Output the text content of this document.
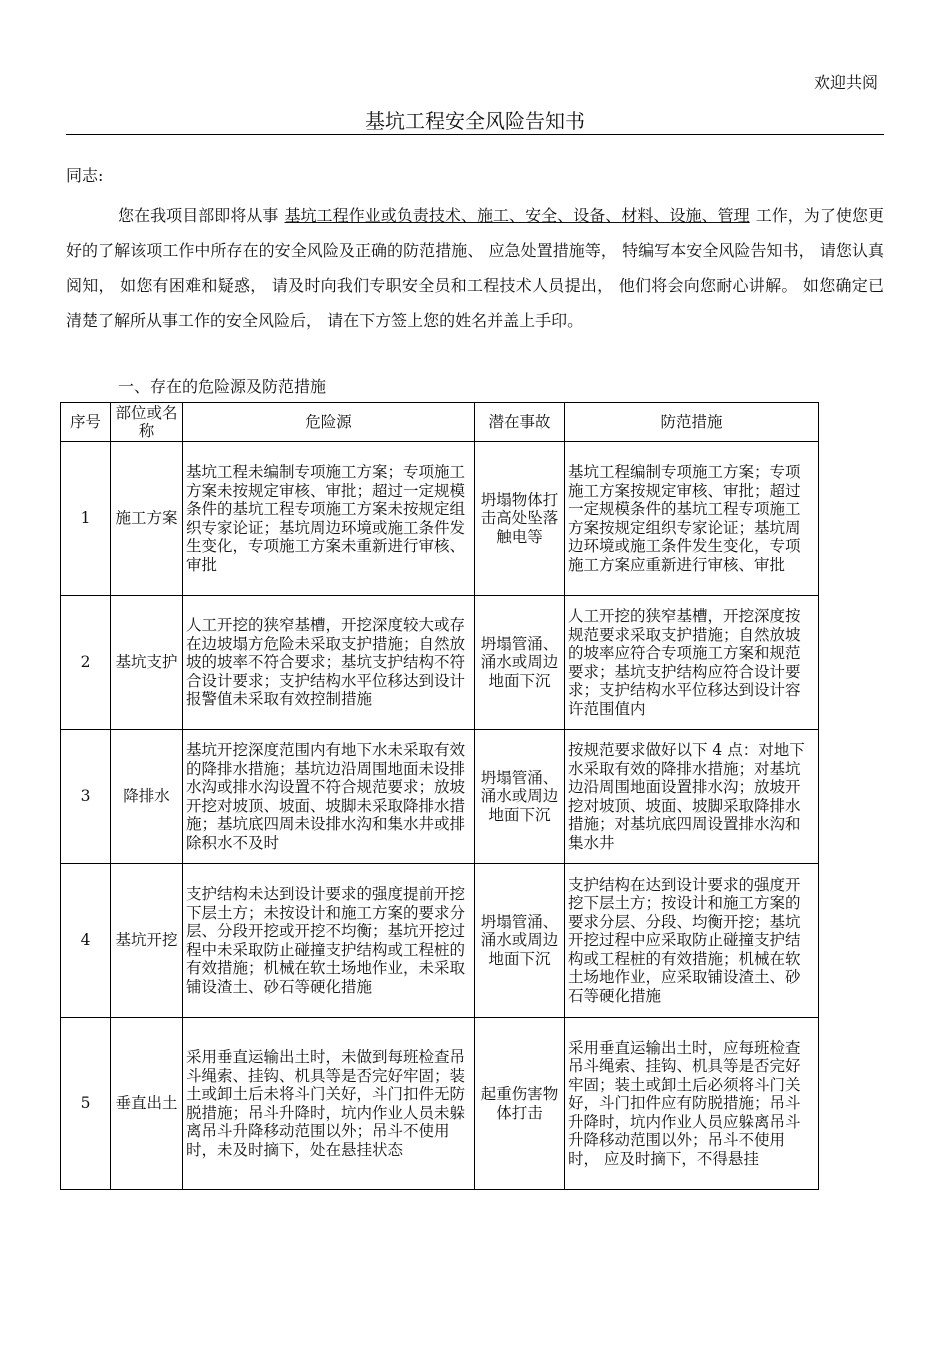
欢迎共阅
基坑工程安全风险告知书
同志:
您在我项目部即将从事 基坑工程作业或负责技术、施工、安全、设备、材料、设施、管理 工作，为了使您更好的了解该项工作中所存在的安全风险及正确的防范措施、 应急处置措施等， 特编写本安全风险告知书， 请您认真阅知， 如您有困难和疑惑， 请及时向我们专职安全员和工程技术人员提出， 他们将会向您耐心讲解。 如您确定已清楚了解所从事工作的安全风险后， 请在下方签上您的姓名并盖上手印。
一、存在的危险源及防范措施
序号	部位或名称	危险源	潜在事故	防范措施
1	施工方案	基坑工程未编制专项施工方案；专项施工方案未按规定审核、审批；超过一定规模条件的基坑工程专项施工方案未按规定组织专家论证；基坑周边环境或施工条件发生变化，专项施工方案未重新进行审核、审批	坍塌物体打击高处坠落触电等	基坑工程编制专项施工方案；专项施工方案按规定审核、审批；超过一定规模条件的基坑工程专项施工方案按规定组织专家论证；基坑周边环境或施工条件发生变化，专项施工方案应重新进行审核、审批
2	基坑支护	人工开挖的狭窄基槽，开挖深度较大或存在边坡塌方危险未采取支护措施；自然放坡的坡率不符合要求；基坑支护结构不符合设计要求；支护结构水平位移达到设计报警值未采取有效控制措施	坍塌管涌、涌水或周边地面下沉	人工开挖的狭窄基槽，开挖深度按规范要求采取支护措施；自然放坡的坡率应符合专项施工方案和规范要求；基坑支护结构应符合设计要求；支护结构水平位移达到设计容许范围值内
3	降排水	基坑开挖深度范围内有地下水未采取有效的降排水措施；基坑边沿周围地面未设排水沟或排水沟设置不符合规范要求；放坡开挖对坡顶、坡面、坡脚未采取降排水措施；基坑底四周未设排水沟和集水井或排除积水不及时	坍塌管涌、涌水或周边地面下沉	按规范要求做好以下 4 点：对地下水采取有效的降排水措施；对基坑边沿周围地面设置排水沟；放坡开挖对坡顶、坡面、坡脚采取降排水措施；对基坑底四周设置排水沟和集水井
4	基坑开挖	支护结构未达到设计要求的强度提前开挖下层土方；未按设计和施工方案的要求分层、分段开挖或开挖不均衡；基坑开挖过程中未采取防止碰撞支护结构或工程桩的有效措施；机械在软土场地作业，未采取铺设渣土、砂石等硬化措施	坍塌管涌、涌水或周边地面下沉	支护结构在达到设计要求的强度开挖下层土方；按设计和施工方案的要求分层、分段、均衡开挖；基坑开挖过程中应采取防止碰撞支护结构或工程桩的有效措施；机械在软土场地作业，应采取铺设渣土、砂石等硬化措施
5	垂直出土	采用垂直运输出土时，未做到每班检查吊斗绳索、挂钩、机具等是否完好牢固；装土或卸土后未将斗门关好，斗门扣件无防脱措施；吊斗升降时，坑内作业人员未躲离吊斗升降移动范围以外；吊斗不使用时，未及时摘下，处在悬挂状态	起重伤害物体打击	采用垂直运输出土时，应每班检查吊斗绳索、挂钩、机具等是否完好牢固；装土或卸土后必须将斗门关好，斗门扣件应有防脱措施；吊斗升降时，坑内作业人员应躲离吊斗升降移动范围以外；吊斗不使用时， 应及时摘下，不得悬挂
